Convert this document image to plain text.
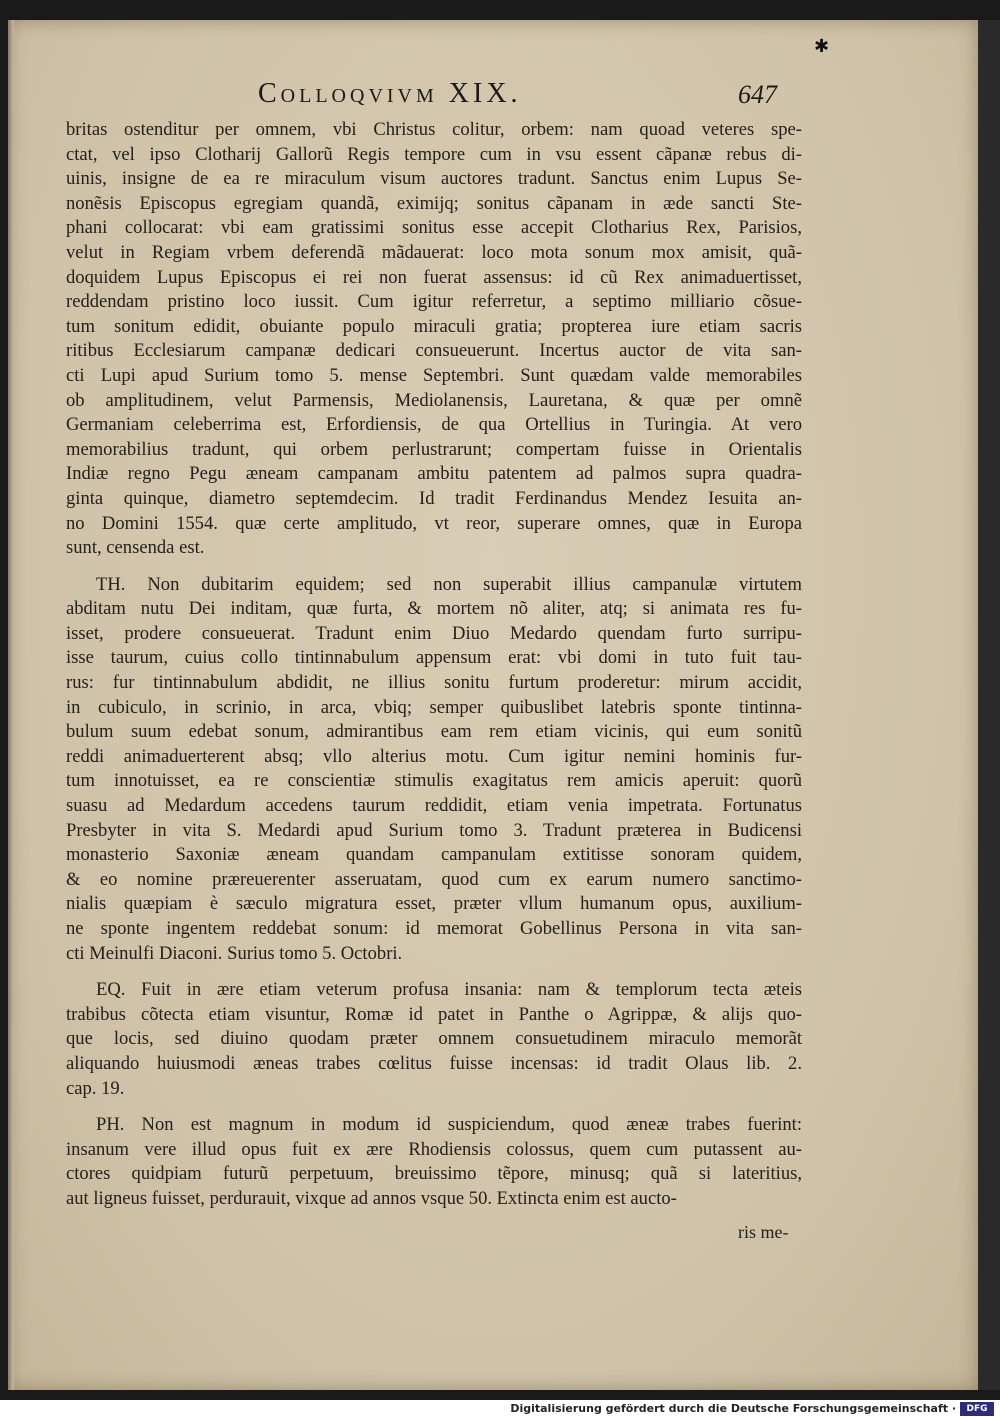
✱
Colloqvivm XIX.	647
britas ostenditur per omnem, vbi Christus colitur, orbem: nam quoad veteres spe-
ctat, vel ipso Clotharij Gallorũ Regis tempore cum in vsu essent cãpanæ rebus di-
uinis, insigne de ea re miraculum visum auctores tradunt. Sanctus enim Lupus Se-
nonẽsis Episcopus egregiam quandã, eximijq; sonitus cãpanam in æde sancti Ste-
phani collocarat: vbi eam gratissimi sonitus esse accepit Clotharius Rex, Parisios,
velut in Regiam vrbem deferendã mãdauerat: loco mota sonum mox amisit, quã-
doquidem Lupus Episcopus ei rei non fuerat assensus: id cũ Rex animaduertisset,
reddendam pristino loco iussit. Cum igitur referretur, a septimo milliario cõsue-
tum sonitum edidit, obuiante populo miraculi gratia; propterea iure etiam sacris
ritibus Ecclesiarum campanæ dedicari consueuerunt. Incertus auctor de vita san-
cti Lupi apud Surium tomo 5. mense Septembri. Sunt quædam valde memorabiles
ob amplitudinem, velut Parmensis, Mediolanensis, Lauretana, & quæ per omnẽ
Germaniam celeberrima est, Erfordiensis, de qua Ortellius in Turingia. At vero
memorabilius tradunt, qui orbem perlustrarunt; compertam fuisse in Orientalis
Indiæ regno Pegu æneam campanam ambitu patentem ad palmos supra quadra-
ginta quinque, diametro septemdecim. Id tradit Ferdinandus Mendez Iesuita an-
no Domini 1554. quæ certe amplitudo, vt reor, superare omnes, quæ in Europa
sunt, censenda est.
TH. Non dubitarim equidem; sed non superabit illius campanulæ virtutem
abditam nutu Dei inditam, quæ furta, & mortem nõ aliter, atq; si animata res fu-
isset, prodere consueuerat. Tradunt enim Diuo Medardo quendam furto surripu-
isse taurum, cuius collo tintinnabulum appensum erat: vbi domi in tuto fuit tau-
rus: fur tintinnabulum abdidit, ne illius sonitu furtum proderetur: mirum accidit,
in cubiculo, in scrinio, in arca, vbiq; semper quibuslibet latebris sponte tintinna-
bulum suum edebat sonum, admirantibus eam rem etiam vicinis, qui eum sonitũ
reddi animaduerterent absq; vllo alterius motu. Cum igitur nemini hominis fur-
tum innotuisset, ea re conscientiæ stimulis exagitatus rem amicis aperuit: quorũ
suasu ad Medardum accedens taurum reddidit, etiam venia impetrata. Fortunatus
Presbyter in vita S. Medardi apud Surium tomo 3. Tradunt præterea in Budicensi
monasterio Saxoniæ æneam quandam campanulam extitisse sonoram quidem,
& eo nomine præreuerenter asseruatam, quod cum ex earum numero sanctimo-
nialis quæpiam è sæculo migratura esset, præter vllum humanum opus, auxilium-
ne sponte ingentem reddebat sonum: id memorat Gobellinus Persona in vita san-
cti Meinulfi Diaconi. Surius tomo 5. Octobri.
EQ. Fuit in ære etiam veterum profusa insania: nam & templorum tecta æteis
trabibus cõtecta etiam visuntur, Romæ id patet in Panthe o Agrippæ, & alijs quo-
que locis, sed diuino quodam præter omnem consuetudinem miraculo memorãt
aliquando huiusmodi æneas trabes cœlitus fuisse incensas: id tradit Olaus lib. 2.
cap. 19.
PH. Non est magnum in modum id suspiciendum, quod æneæ trabes fuerint:
insanum vere illud opus fuit ex ære Rhodiensis colossus, quem cum putassent au-
ctores quidpiam futurũ perpetuum, breuissimo tẽpore, minusq; quã si lateritius,
aut ligneus fuisset, perdurauit, vixque ad annos vsque 50. Extincta enim est aucto-
ris me-
Digitalisierung gefördert durch die Deutsche Forschungsgemeinschaft ·	DFG
